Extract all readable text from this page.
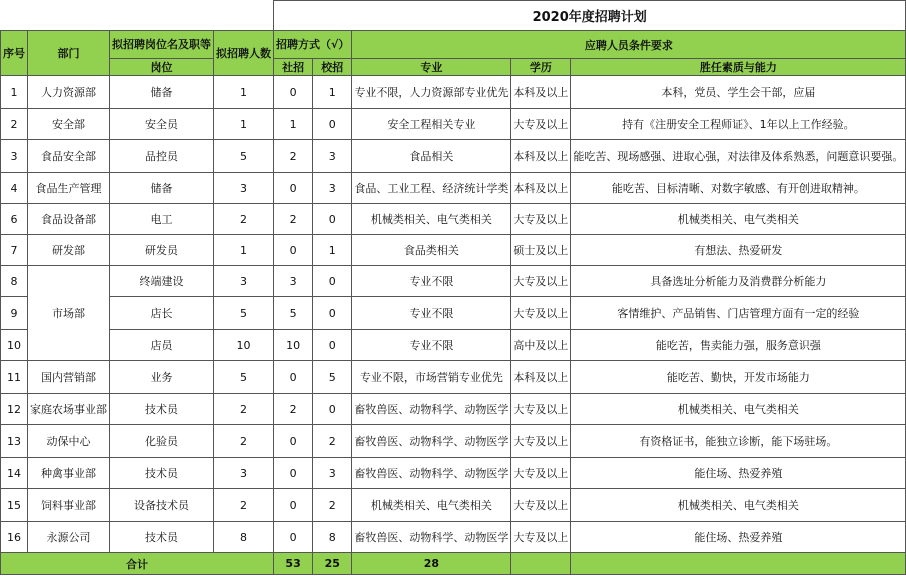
				2020年度招聘计划				
序号	部门	拟招聘岗位名及职等	拟招聘人数	招聘方式（√）		应聘人员条件要求		

		岗位		社招	校招	专业	学历	胜任素质与能力
1	人力资源部	储备	1	0	1	专业不限，人力资源部专业优先	本科及以上	本科，党员、学生会干部，应届
2	安全部	安全员	1	1	0	安全工程相关专业	大专及以上	持有《注册安全工程师证》、1年以上工作经验。
3	食品安全部	品控员	5	2	3	食品相关	本科及以上	能吃苦、现场感强、进取心强，对法律及体系熟悉，问题意识要强。
4	食品生产管理	储备	3	0	3	食品、工业工程、经济统计学类	本科及以上	能吃苦、目标清晰、对数字敏感、有开创进取精神。
6	食品设备部	电工	2	2	0	机械类相关、电气类相关	大专及以上	机械类相关、电气类相关
7	研发部	研发员	1	0	1	食品类相关	硕士及以上	有想法、热爱研发
8	市场部	终端建设	3	3	0	专业不限	大专及以上	具备选址分析能力及消费群分析能力
9		店长	5	5	0	专业不限	大专及以上	客情维护、产品销售、门店管理方面有一定的经验
10		店员	10	10	0	专业不限	高中及以上	能吃苦，售卖能力强，服务意识强
11	国内营销部	业务	5	0	5	专业不限，市场营销专业优先	本科及以上	能吃苦、勤快，开发市场能力
12	家庭农场事业部	技术员	2	2	0	畜牧兽医、动物科学、动物医学	大专及以上	机械类相关、电气类相关
13	动保中心	化验员	2	0	2	畜牧兽医、动物科学、动物医学	大专及以上	有资格证书，能独立诊断，能下场驻场。
14	种禽事业部	技术员	3	0	3	畜牧兽医、动物科学、动物医学	大专及以上	能住场、热爱养殖
15	饲料事业部	设备技术员	2	0	2	机械类相关、电气类相关	大专及以上	机械类相关、电气类相关
16	永源公司	技术员	8	0	8	畜牧兽医、动物科学、动物医学	大专及以上	能住场、热爱养殖
合计				53	25	28		
